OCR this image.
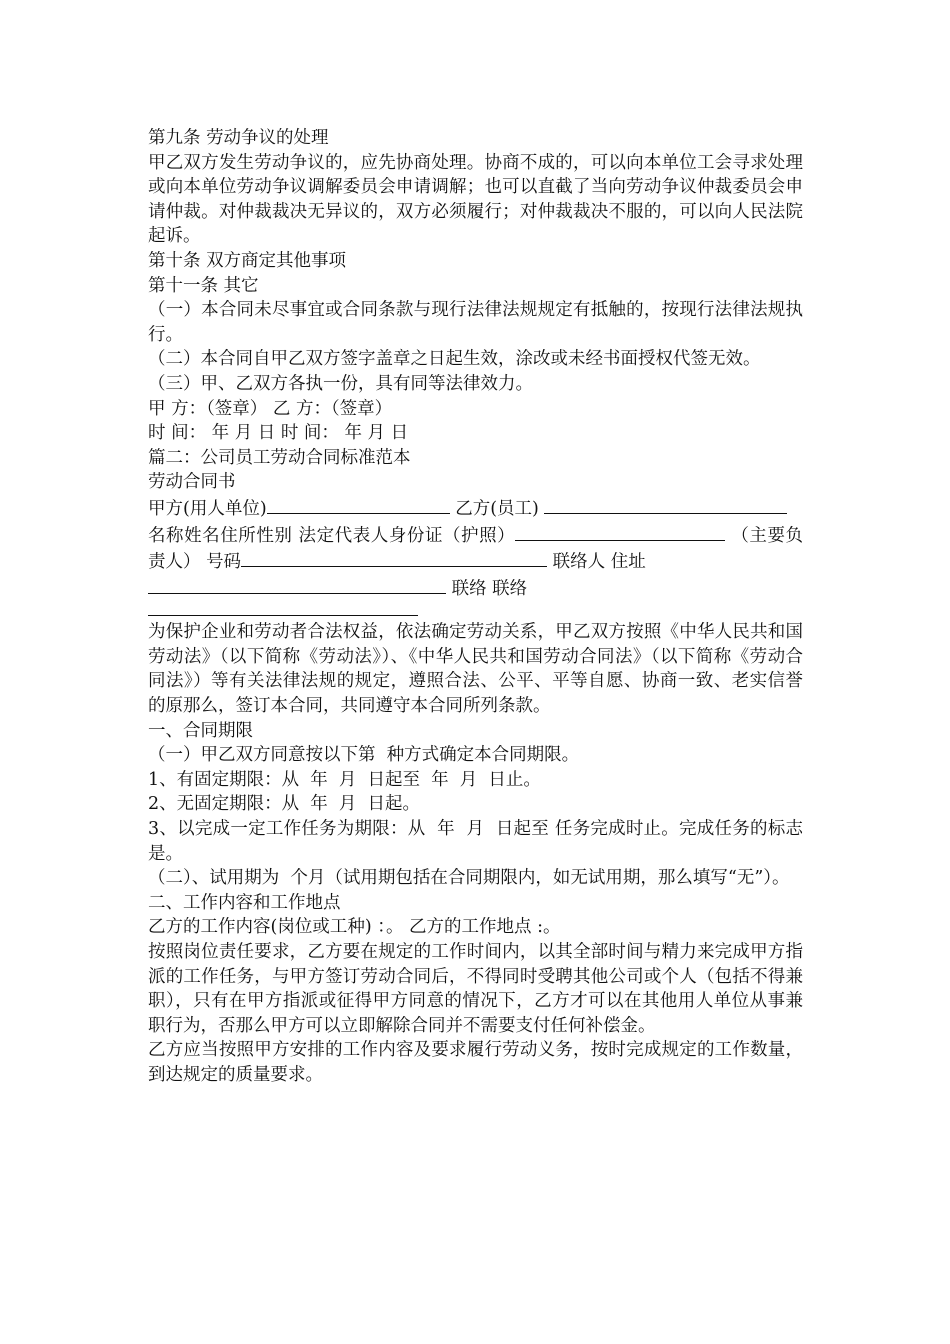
第九条 劳动争议的处理

甲乙双方发生劳动争议的，应先协商处理。协商不成的，可以向本单位工会寻求处理或向本单位劳动争议调解委员会申请调解；也可以直截了当向劳动争议仲裁委员会申请仲裁。对仲裁裁决无异议的，双方必须履行；对仲裁裁决不服的，可以向人民法院起诉。

第十条 双方商定其他事项

第十一条 其它

（一）本合同未尽事宜或合同条款与现行法律法规规定有抵触的，按现行法律法规执行。

（二）本合同自甲乙双方签字盖章之日起生效，涂改或未经书面授权代签无效。

（三）甲、乙双方各执一份，具有同等法律效力。

甲 方：（签章） 乙 方：（签章）

时 间： 年 月 日 时 间： 年 月 日

篇二：公司员工劳动合同标准范本

劳动合同书

甲方(用人单位)	乙方(员工)

名称姓名住所性别 法定代表人身份证（护照）	（主要负责人） 号码	联络人 住址
联络 联络

为保护企业和劳动者合法权益，依法确定劳动关系，甲乙双方按照《中华人民共和国劳动法》（以下简称《劳动法》）、《中华人民共和国劳动合同法》（以下简称《劳动合同法》）等有关法律法规的规定，遵照合法、公平、平等自愿、协商一致、老实信誉的原那么，签订本合同，共同遵守本合同所列条款。

一、合同期限

（一）甲乙双方同意按以下第  种方式确定本合同期限。

1、有固定期限：从  年  月  日起至  年  月  日止。

2、无固定期限：从  年  月  日起。

3、以完成一定工作任务为期限：从  年  月  日起至 任务完成时止。完成任务的标志是。

（二）、试用期为  个月（试用期包括在合同期限内，如无试用期，那么填写“无”）。

二、工作内容和工作地点

乙方的工作内容(岗位或工种) ：。 乙方的工作地点 :。

按照岗位责任要求，乙方要在规定的工作时间内，以其全部时间与精力来完成甲方指派的工作任务，与甲方签订劳动合同后，不得同时受聘其他公司或个人（包括不得兼职），只有在甲方指派或征得甲方同意的情况下，乙方才可以在其他用人单位从事兼职行为，否那么甲方可以立即解除合同并不需要支付任何补偿金。

乙方应当按照甲方安排的工作内容及要求履行劳动义务，按时完成规定的工作数量，到达规定的质量要求。
